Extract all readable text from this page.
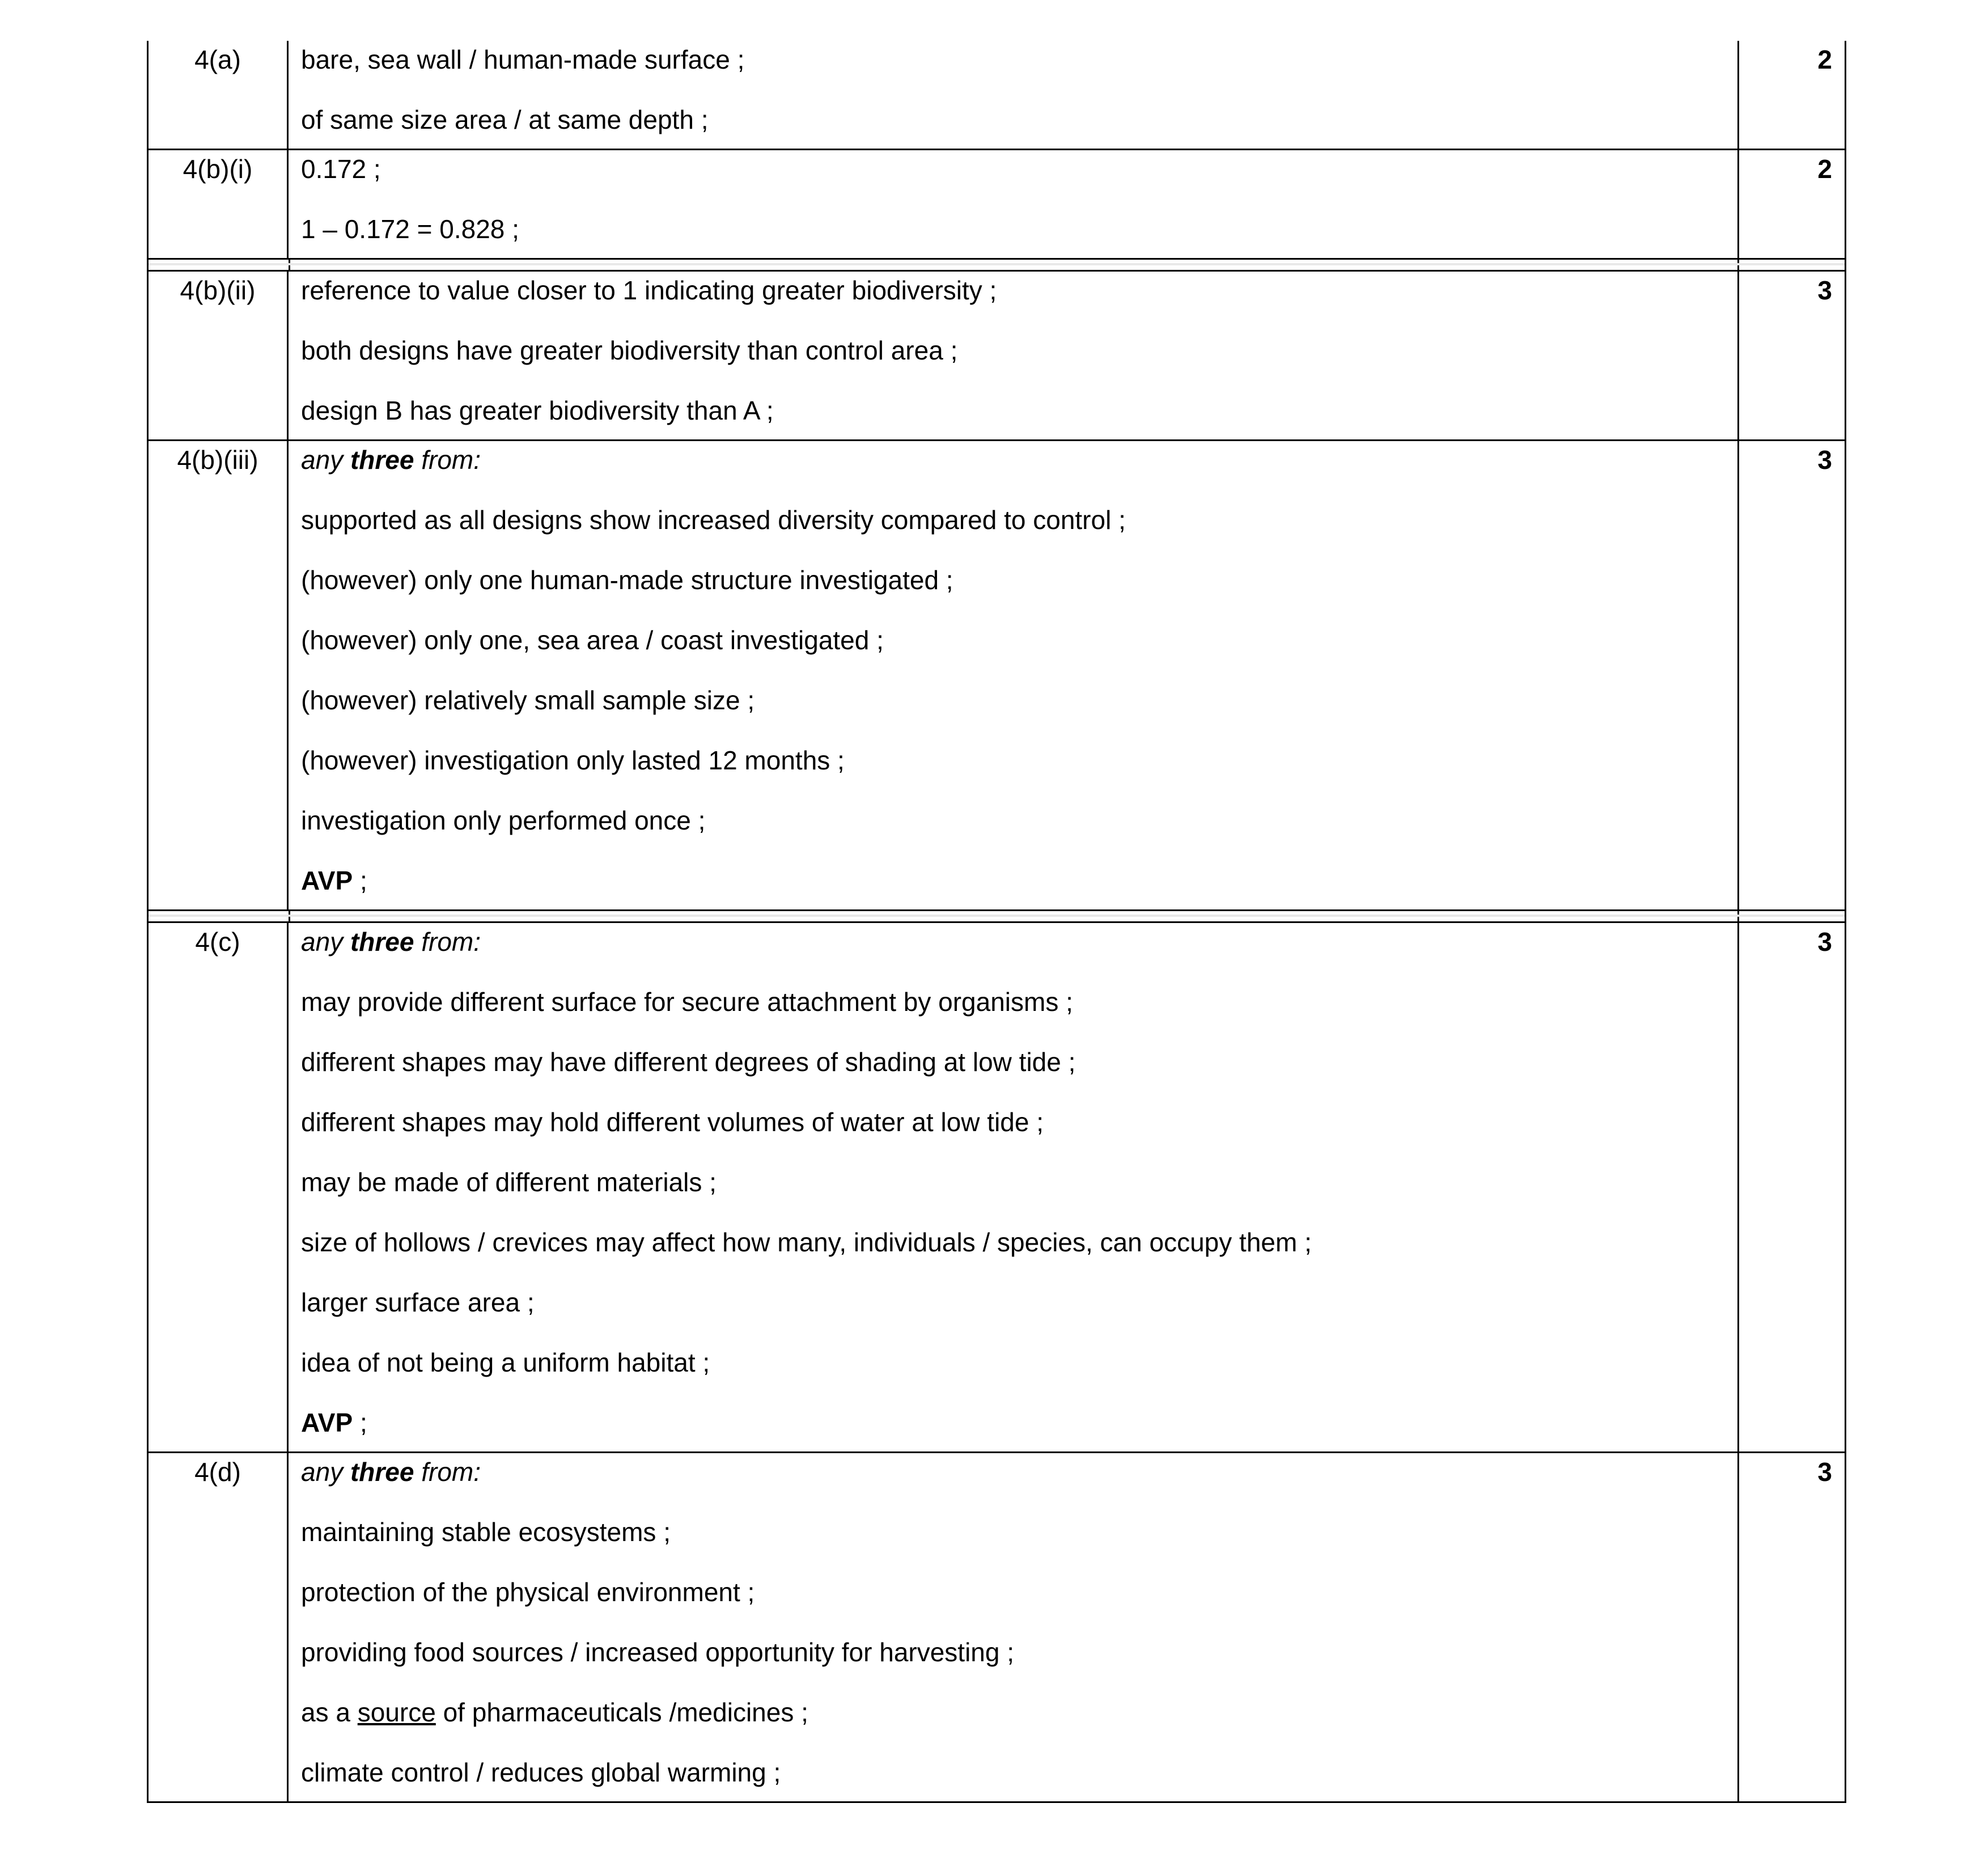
4(a)	bare, sea wall / human-made surface ;
of same size area / at same depth ;
2
4(b)(i)	0.172 ;
1 – 0.172 = 0.828 ;
2
4(b)(ii)	reference to value closer to 1 indicating greater biodiversity ;
both designs have greater biodiversity than control area ;
design B has greater biodiversity than A ;
3
4(b)(iii)	any three from:
supported as all designs show increased diversity compared to control ;
(however) only one human-made structure investigated ;
(however) only one, sea area / coast investigated ;
(however) relatively small sample size ;
(however) investigation only lasted 12 months ;
investigation only performed once ;
AVP ;
3
4(c)	any three from:
may provide different surface for secure attachment by organisms ;
different shapes may have different degrees of shading at low tide ;
different shapes may hold different volumes of water at low tide ;
may be made of different materials ;
size of hollows / crevices may affect how many, individuals / species, can occupy them ;
larger surface area ;
idea of not being a uniform habitat ;
AVP ;
3
4(d)	any three from:
maintaining stable ecosystems ;
protection of the physical environment ;
providing food sources / increased opportunity for harvesting ;
as a source of pharmaceuticals /medicines ;
climate control / reduces global warming ;
3
